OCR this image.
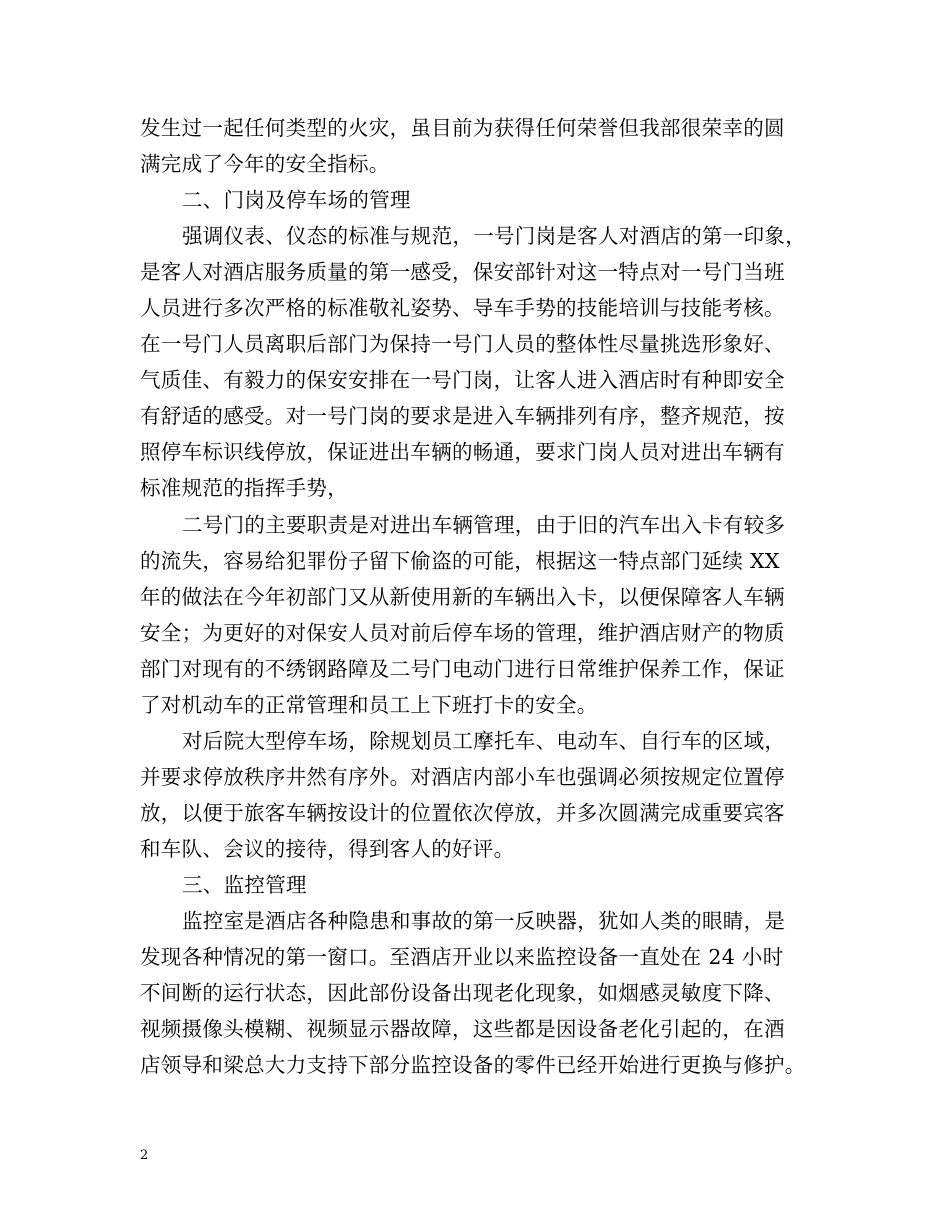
发生过一起任何类型的火灾，虽目前为获得任何荣誉但我部很荣幸的圆
满完成了今年的安全指标。
二、门岗及停车场的管理
强调仪表、仪态的标准与规范，一号门岗是客人对酒店的第一印象，
是客人对酒店服务质量的第一感受，保安部针对这一特点对一号门当班
人员进行多次严格的标准敬礼姿势、导车手势的技能培训与技能考核。
在一号门人员离职后部门为保持一号门人员的整体性尽量挑选形象好、
气质佳、有毅力的保安安排在一号门岗，让客人进入酒店时有种即安全
有舒适的感受。对一号门岗的要求是进入车辆排列有序，整齐规范，按
照停车标识线停放，保证进出车辆的畅通，要求门岗人员对进出车辆有
标准规范的指挥手势，
二号门的主要职责是对进出车辆管理，由于旧的汽车出入卡有较多
的流失，容易给犯罪份子留下偷盗的可能，根据这一特点部门延续 XX
年的做法在今年初部门又从新使用新的车辆出入卡，以便保障客人车辆
安全；为更好的对保安人员对前后停车场的管理，维护酒店财产的物质
部门对现有的不绣钢路障及二号门电动门进行日常维护保养工作，保证
了对机动车的正常管理和员工上下班打卡的安全。
对后院大型停车场，除规划员工摩托车、电动车、自行车的区域，
并要求停放秩序井然有序外。对酒店内部小车也强调必须按规定位置停
放，以便于旅客车辆按设计的位置依次停放，并多次圆满完成重要宾客
和车队、会议的接待，得到客人的好评。
三、监控管理
监控室是酒店各种隐患和事故的第一反映器，犹如人类的眼睛，是
发现各种情况的第一窗口。至酒店开业以来监控设备一直处在 24 小时
不间断的运行状态，因此部份设备出现老化现象，如烟感灵敏度下降、
视频摄像头模糊、视频显示器故障，这些都是因设备老化引起的，在酒
店领导和梁总大力支持下部分监控设备的零件已经开始进行更换与修护。
2
